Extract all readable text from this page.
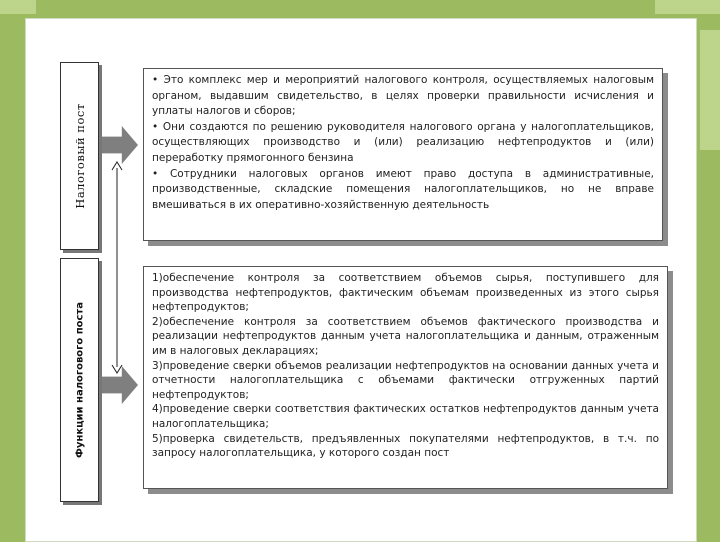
Налоговый пост
Функции налогового поста

• Это комплекс мер и мероприятий налогового контроля, осуществляемых налоговым органом, выдавшим свидетельство, в целях проверки правильности исчисления и уплаты налогов и сборов;

• Они создаются по решению руководителя налогового органа у налогоплательщиков, осуществляющих производство и (или) реализацию нефтепродуктов и (или) переработку прямогонного бензина

• Сотрудники налоговых органов имеют право доступа в административные, производственные, складские помещения налогоплательщиков, но не вправе вмешиваться в их оперативно-хозяйственную деятельность

1)обеспечение контроля за соответствием объемов сырья, поступившего для производства нефтепродуктов, фактическим объемам произведенных из этого сырья нефтепродуктов;

2)обеспечение контроля за соответствием объемов фактического производства и реализации нефтепродуктов данным учета налогоплательщика и данным, отраженным им в налоговых декларациях;

3)проведение сверки объемов реализации нефтепродуктов на основании данных учета и отчетности налогоплательщика с объемами фактически отгруженных партий нефтепродуктов;

4)проведение сверки соответствия фактических остатков нефтепродуктов данным учета налогоплательщика;

5)проверка свидетельств, предъявленных покупателями нефтепродуктов, в т.ч. по запросу налогоплательщика, у которого создан пост
